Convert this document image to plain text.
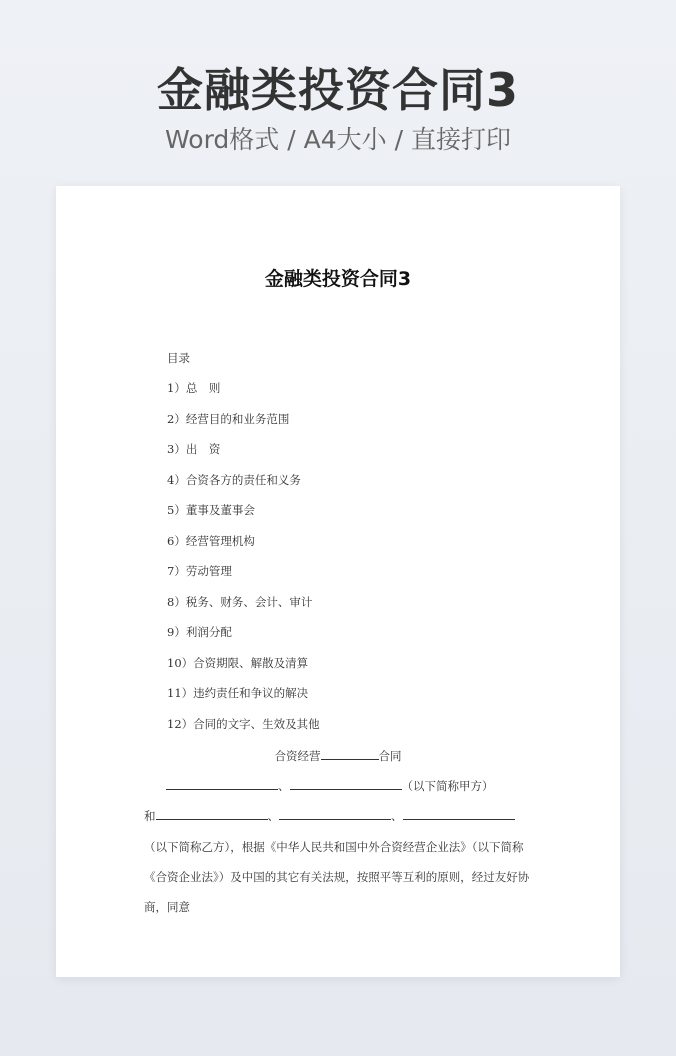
金融类投资合同3
Word格式 / A4大小 / 直接打印
金融类投资合同3
目录
1）总　则
2）经营目的和业务范围
3）出　资
4）合资各方的责任和义务
5）董事及董事会
6）经营管理机构
7）劳动管理
8）税务、财务、会计、审计
9）利润分配
10）合资期限、解散及清算
11）违约责任和争议的解决
12）合同的文字、生效及其他
合资经营	合同
、	（以下简称甲方）
和	、	、
（以下简称乙方），根据《中华人民共和国中外合资经营企业法》（以下简称《合资企业法》）及中国的其它有关法规，按照平等互利的原则，经过友好协商，同意
